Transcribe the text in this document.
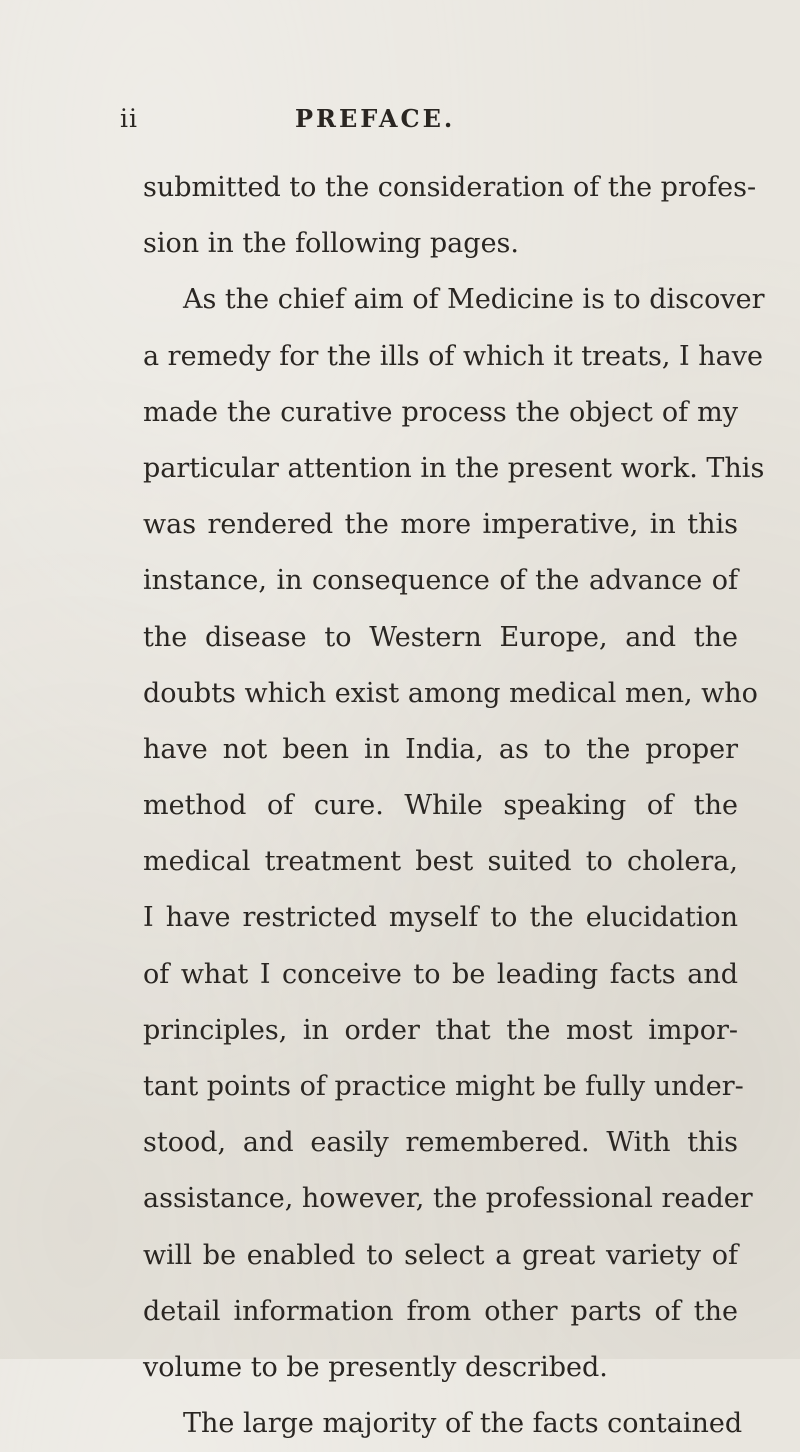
ii	PREFACE.
submitted to the consideration of the profes-
sion in the following pages.
As the chief aim of Medicine is to discover
a remedy for the ills of which it treats, I have
made the curative process the object of my
particular attention in the present work. This
was rendered the more imperative, in this
instance, in consequence of the advance of
the disease to Western Europe, and the
doubts which exist among medical men, who
have not been in India, as to the proper
method of cure. While speaking of the
medical treatment best suited to cholera,
I have restricted myself to the elucidation
of what I conceive to be leading facts and
principles, in order that the most impor-
tant points of practice might be fully under-
stood, and easily remembered. With this
assistance, however, the professional reader
will be enabled to select a great variety of
detail information from other parts of the
volume to be presently described.
The large majority of the facts contained
